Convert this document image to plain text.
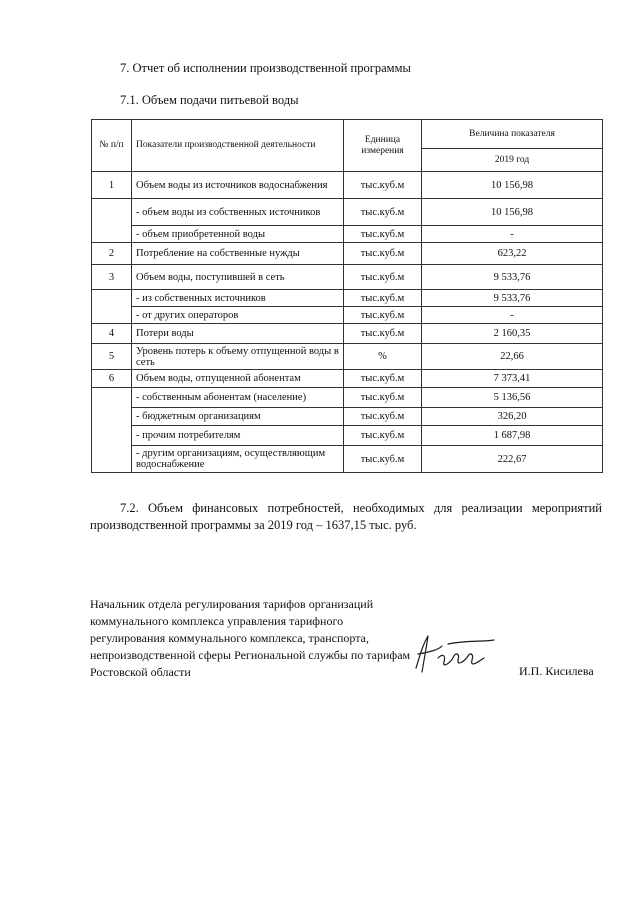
7. Отчет об исполнении производственной программы
7.1. Объем подачи питьевой воды
№ п/п	Показатели производственной деятельности	Единица измерения	Величина показателя
			2019 год
1	Объем воды из источников водоснабжения	тыс.куб.м	10 156,98
	- объем воды из собственных источников	тыс.куб.м	10 156,98
	- объем приобретенной воды	тыс.куб.м	-
2	Потребление на собственные нужды	тыс.куб.м	623,22
3	Объем воды, поступившей в сеть	тыс.куб.м	9 533,76
	- из собственных источников	тыс.куб.м	9 533,76
	- от других операторов	тыс.куб.м	-
4	Потери воды	тыс.куб.м	2 160,35
5	Уровень потерь к объему отпущенной воды в сеть	%	22,66
6	Объем воды, отпущенной абонентам	тыс.куб.м	7 373,41
	- собственным абонентам (население)	тыс.куб.м	5 136,56
	- бюджетным организациям	тыс.куб.м	326,20
	- прочим потребителям	тыс.куб.м	1 687,98
	- другим организациям, осуществляющим водоснабжение	тыс.куб.м	222,67
7.2. Объем финансовых потребностей, необходимых для реализации мероприятий производственной программы за 2019 год – 1637,15 тыс. руб.
Начальник отдела регулирования тарифов организаций коммунального комплекса управления тарифного регулирования коммунального комплекса, транспорта, непроизводственной сферы Региональной службы по тарифам Ростовской области	И.П. Кисилева
